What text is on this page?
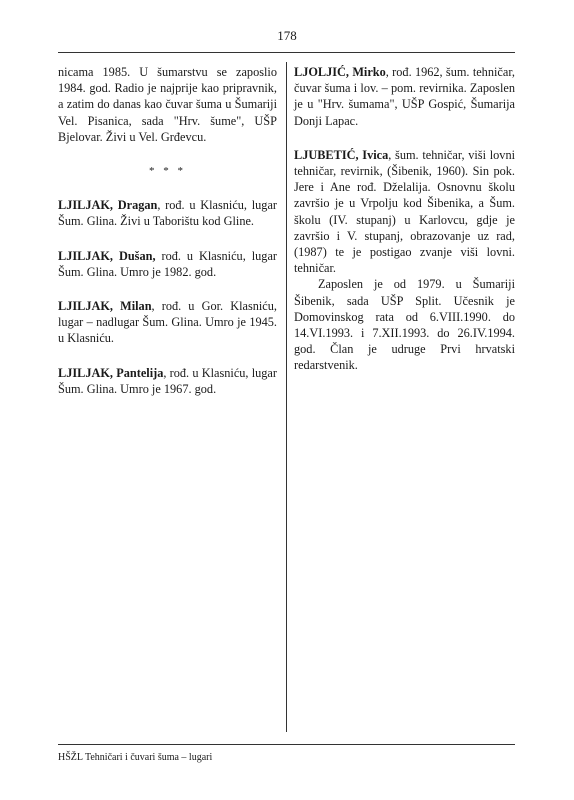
178

nicama 1985. U šumarstvu se zaposlio 1984. god. Radio je najprije kao pripravnik, a zatim do danas kao čuvar šuma u Šumariji Vel. Pisanica, sada "Hrv. šume", UŠP Bjelovar. Živi u Vel. Grđevcu.

* * *

LJILJAK, Dragan, rođ. u Klasniću, lugar Šum. Glina. Živi u Taborištu kod Gline.

LJILJAK, Dušan, rođ. u Klasniću, lugar Šum. Glina. Umro je 1982. god.

LJILJAK, Milan, rođ. u Gor. Klasniću, lugar – nadlugar Šum. Glina. Umro je 1945. u Klasniću.

LJILJAK, Pantelija, rođ. u Klasniću, lugar Šum. Glina. Umro je 1967. god.

LJOLJIĆ, Mirko, rođ. 1962, šum. tehničar, čuvar šuma i lov. – pom. revirnika. Zaposlen je u "Hrv. šumama", UŠP Gospić, Šumarija Donji Lapac.

LJUBETIĆ, Ivica, šum. tehničar, viši lovni tehničar, revirnik, (Šibenik, 1960). Sin pok. Jere i Ane rođ. Dželalija. Osnovnu školu završio je u Vrpolju kod Šibenika, a Šum. školu (IV. stupanj) u Karlovcu, gdje je završio i V. stupanj, obrazovanje uz rad, (1987) te je postigao zvanje viši lovni. tehničar.

Zaposlen je od 1979. u Šumariji Šibenik, sada UŠP Split. Učesnik je Domovinskog rata od 6.VIII.1990. do 14.VI.1993. i 7.XII.1993. do 26.IV.1994. god. Član je udruge Prvi hrvatski redarstvenik.

HŠŽL Tehničari i čuvari šuma – lugari
